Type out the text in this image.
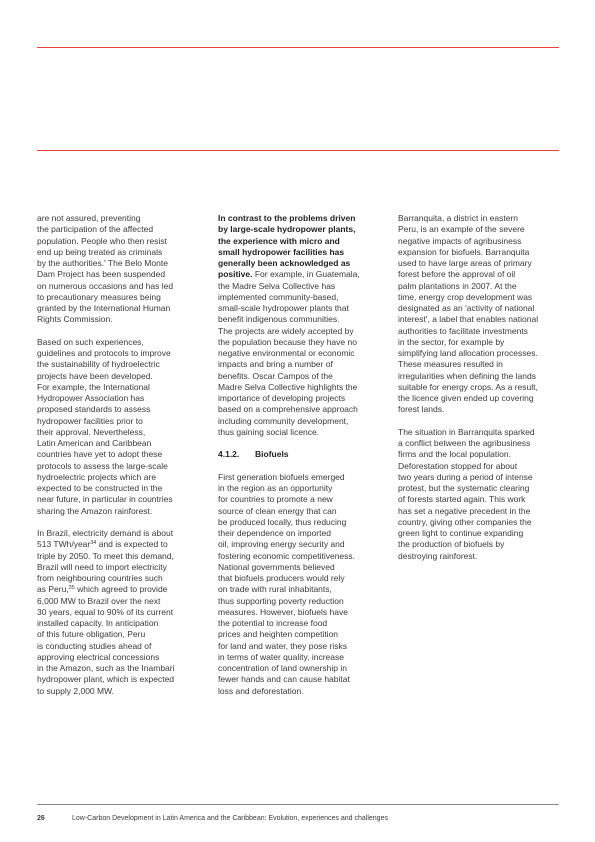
are not assured, preventing
the participation of the affected
population. People who then resist
end up being treated as criminals
by the authorities.' The Belo Monte
Dam Project has been suspended
on numerous occasions and has led
to precautionary measures being
granted by the International Human
Rights Commission.

Based on such experiences,
guidelines and protocols to improve
the sustainability of hydroelectric
projects have been developed.
For example, the International
Hydropower Association has
proposed standards to assess
hydropower facilities prior to
their approval. Nevertheless,
Latin American and Caribbean
countries have yet to adopt these
protocols to assess the large-scale
hydroelectric projects which are
expected to be constructed in the
near future, in particular in countries
sharing the Amazon rainforest.

In Brazil, electricity demand is about
513 TWh/year$^{34}$ and is expected to
triple by 2050. To meet this demand,
Brazil will need to import electricity
from neighbouring countries such
as Peru,$^{35}$ which agreed to provide
6,000 MW to Brazil over the next
30 years, equal to 90% of its current
installed capacity. In anticipation
of this future obligation, Peru
is conducting studies ahead of
approving electrical concessions
in the Amazon, such as the Inambari
hydropower plant, which is expected
to supply 2,000 MW.

In contrast to the problems driven
by large-scale hydropower plants,
the experience with micro and
small hydropower facilities has
generally been acknowledged as
positive. For example, in Guatemala,
the Madre Selva Collective has
implemented community-based,
small-scale hydropower plants that
benefit indigenous communities.
The projects are widely accepted by
the population because they have no
negative environmental or economic
impacts and bring a number of
benefits. Oscar Campos of the
Madre Selva Collective highlights the
importance of developing projects
based on a comprehensive approach
including community development,
thus gaining social licence.

4.1.2. Biofuels

First generation biofuels emerged
in the region as an opportunity
for countries to promote a new
source of clean energy that can
be produced locally, thus reducing
their dependence on imported
oil, improving energy security and
fostering economic competitiveness.
National governments believed
that biofuels producers would rely
on trade with rural inhabitants,
thus supporting poverty reduction
measures. However, biofuels have
the potential to increase food
prices and heighten competition
for land and water, they pose risks
in terms of water quality, increase
concentration of land ownership in
fewer hands and can cause habitat
loss and deforestation.

Barranquita, a district in eastern
Peru, is an example of the severe
negative impacts of agribusiness
expansion for biofuels. Barranquita
used to have large areas of primary
forest before the approval of oil
palm plantations in 2007. At the
time, energy crop development was
designated as an 'activity of national
interest', a label that enables national
authorities to facilitate investments
in the sector, for example by
simplifying land allocation processes.
These measures resulted in
irregularities when defining the lands
suitable for energy crops. As a result,
the licence given ended up covering
forest lands.

The situation in Barranquita sparked
a conflict between the agribusiness
firms and the local population.
Deforestation stopped for about
two years during a period of intense
protest, but the systematic clearing
of forests started again. This work
has set a negative precedent in the
country, giving other companies the
green light to continue expanding
the production of biofuels by
destroying rainforest.

26	Low-Carbon Development in Latin America and the Caribbean: Evolution, experiences and challenges
